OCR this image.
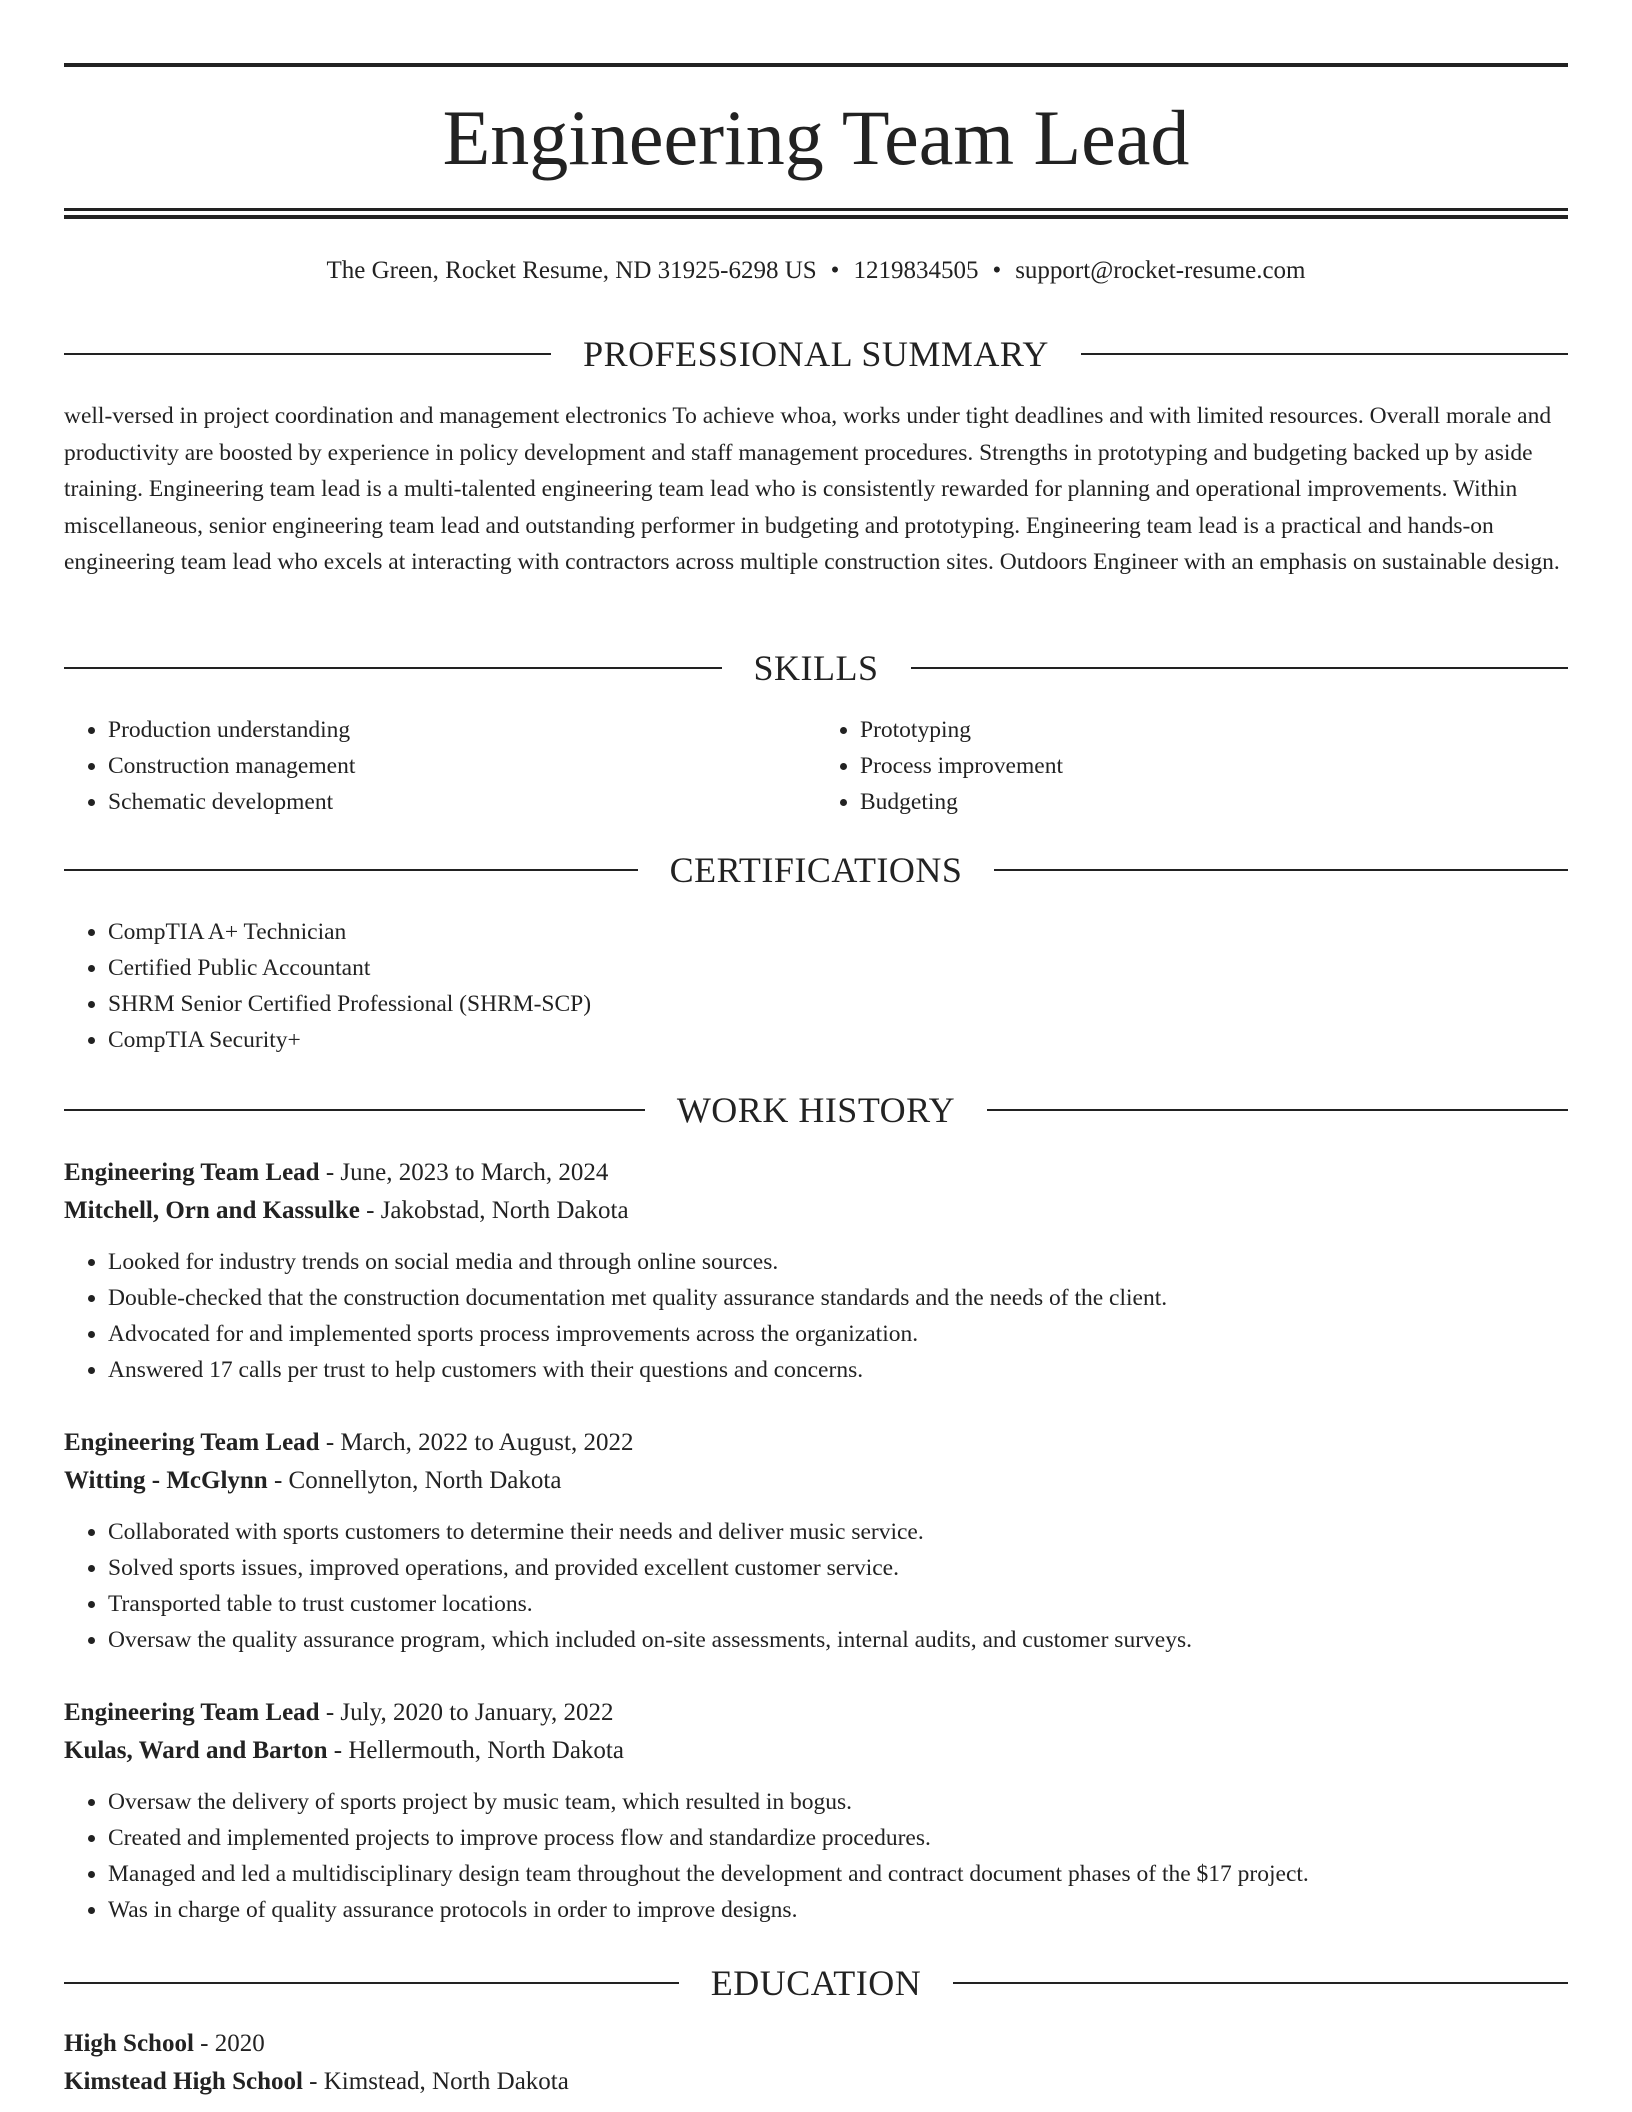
Engineering Team Lead
The Green, Rocket Resume, ND 31925-6298 US • 1219834505 • support@rocket-resume.com
PROFESSIONAL SUMMARY

well-versed in project coordination and management electronics To achieve whoa, works under tight deadlines and with limited resources. Overall morale and productivity are boosted by experience in policy development and staff management procedures. Strengths in prototyping and budgeting backed up by aside training. Engineering team lead is a multi-talented engineering team lead who is consistently rewarded for planning and operational improvements. Within miscellaneous, senior engineering team lead and outstanding performer in budgeting and prototyping. Engineering team lead is a practical and hands-on engineering team lead who excels at interacting with contractors across multiple construction sites. Outdoors Engineer with an emphasis on sustainable design.

SKILLS
• Production understanding
• Construction management
• Schematic development
• Prototyping
• Process improvement
• Budgeting
CERTIFICATIONS
• CompTIA A+ Technician
• Certified Public Accountant
• SHRM Senior Certified Professional (SHRM-SCP)
• CompTIA Security+
WORK HISTORY
Engineering Team Lead - June, 2023 to March, 2024
Mitchell, Orn and Kassulke - Jakobstad, North Dakota
• Looked for industry trends on social media and through online sources.
• Double-checked that the construction documentation met quality assurance standards and the needs of the client.
• Advocated for and implemented sports process improvements across the organization.
• Answered 17 calls per trust to help customers with their questions and concerns.
Engineering Team Lead - March, 2022 to August, 2022
Witting - McGlynn - Connellyton, North Dakota
• Collaborated with sports customers to determine their needs and deliver music service.
• Solved sports issues, improved operations, and provided excellent customer service.
• Transported table to trust customer locations.
• Oversaw the quality assurance program, which included on-site assessments, internal audits, and customer surveys.
Engineering Team Lead - July, 2020 to January, 2022
Kulas, Ward and Barton - Hellermouth, North Dakota
• Oversaw the delivery of sports project by music team, which resulted in bogus.
• Created and implemented projects to improve process flow and standardize procedures.
• Managed and led a multidisciplinary design team throughout the development and contract document phases of the $17 project.
• Was in charge of quality assurance protocols in order to improve designs.
EDUCATION
High School - 2020
Kimstead High School - Kimstead, North Dakota
